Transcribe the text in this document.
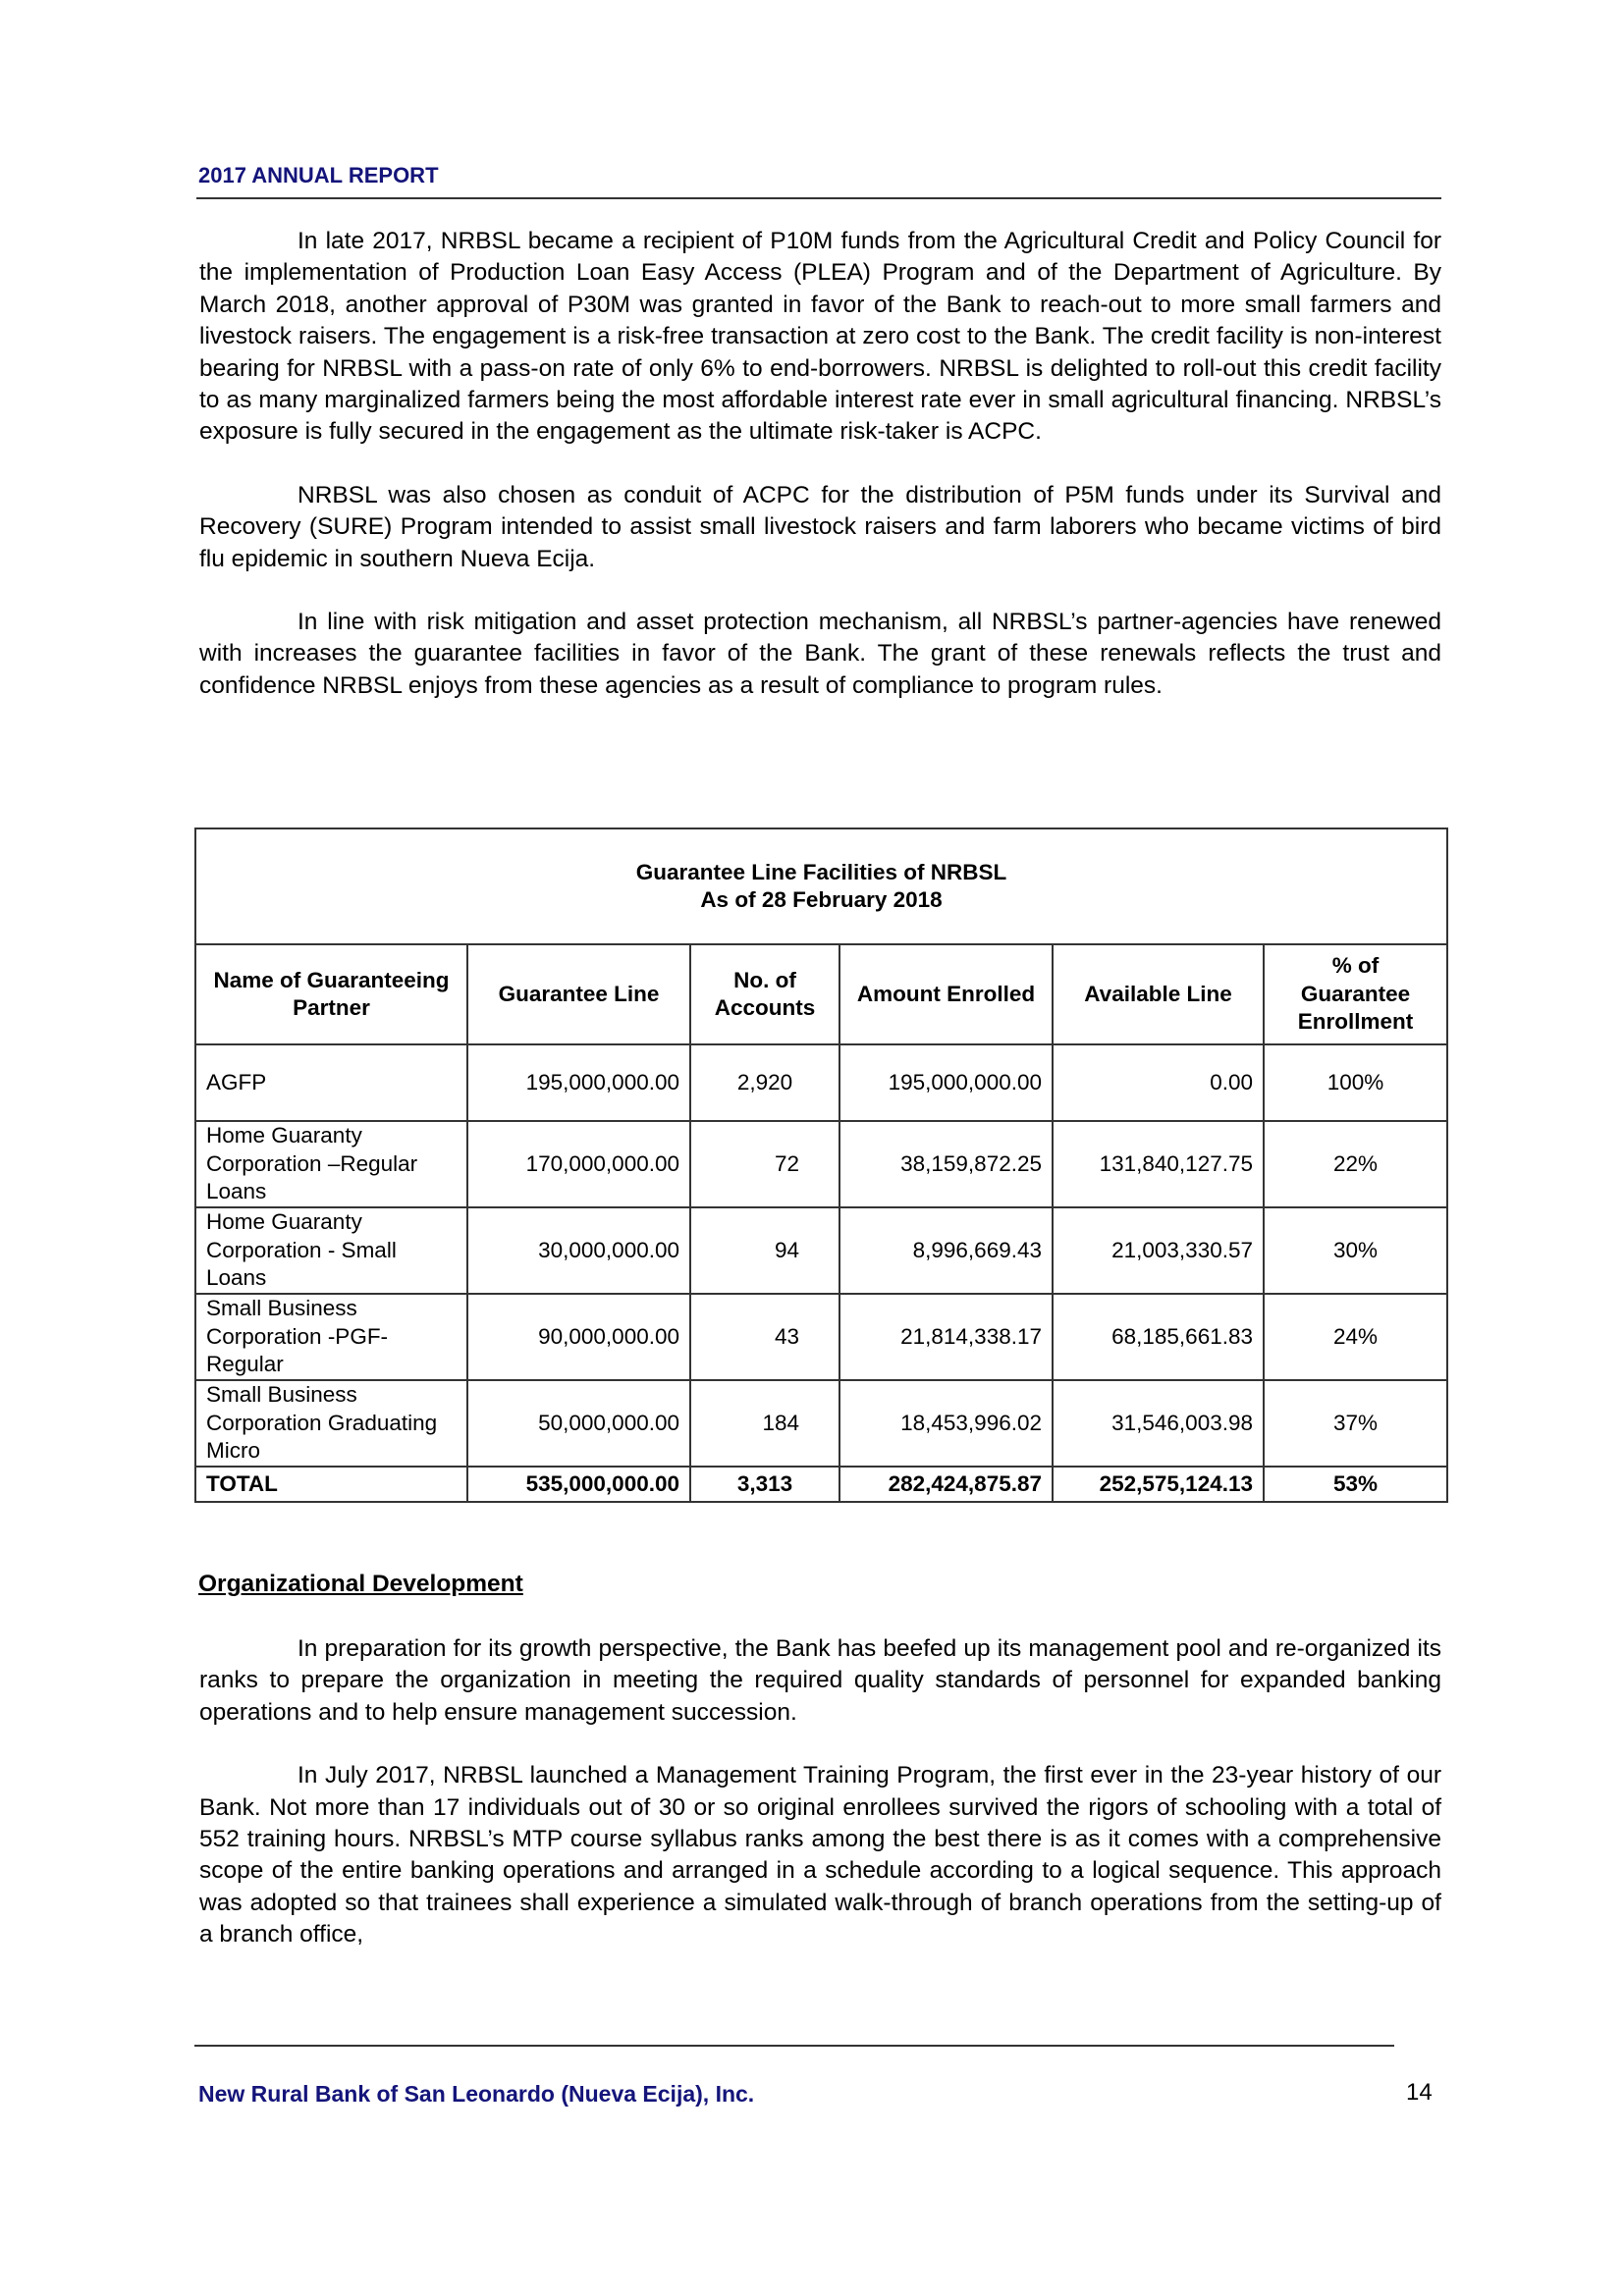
2017 ANNUAL REPORT

In late 2017, NRBSL became a recipient of P10M funds from the Agricultural Credit and Policy Council for the implementation of Production Loan Easy Access (PLEA) Program and of the Department of Agriculture. By March 2018, another approval of P30M was granted in favor of the Bank to reach-out to more small farmers and livestock raisers. The engagement is a risk-free transaction at zero cost to the Bank. The credit facility is non-interest bearing for NRBSL with a pass-on rate of only 6% to end-borrowers. NRBSL is delighted to roll-out this credit facility to as many marginalized farmers being the most affordable interest rate ever in small agricultural financing. NRBSL’s exposure is fully secured in the engagement as the ultimate risk-taker is ACPC.

NRBSL was also chosen as conduit of ACPC for the distribution of P5M funds under its Survival and Recovery (SURE) Program intended to assist small livestock raisers and farm laborers who became victims of bird flu epidemic in southern Nueva Ecija.

In line with risk mitigation and asset protection mechanism, all NRBSL’s partner-agencies have renewed with increases the guarantee facilities in favor of the Bank. The grant of these renewals reflects the trust and confidence NRBSL enjoys from these agencies as a result of compliance to program rules.

Guarantee Line Facilities of NRBSL
As of 28 February 2018					

Name of Guaranteeing Partner	Guarantee Line	No. of Accounts	Amount Enrolled	Available Line	% of Guarantee Enrollment
AGFP	195,000,000.00	2,920	195,000,000.00	0.00	100%
Home Guaranty Corporation –Regular Loans	170,000,000.00	72	38,159,872.25	131,840,127.75	22%
Home Guaranty Corporation - Small Loans	30,000,000.00	94	8,996,669.43	21,003,330.57	30%
Small Business Corporation -PGF-Regular	90,000,000.00	43	21,814,338.17	68,185,661.83	24%
Small Business Corporation Graduating Micro	50,000,000.00	184	18,453,996.02	31,546,003.98	37%
TOTAL	535,000,000.00	3,313	282,424,875.87	252,575,124.13	53%
Organizational Development

In preparation for its growth perspective, the Bank has beefed up its management pool and re-organized its ranks to prepare the organization in meeting the required quality standards of personnel for expanded banking operations and to help ensure management succession.

In July 2017, NRBSL launched a Management Training Program, the first ever in the 23-year history of our Bank. Not more than 17 individuals out of 30 or so original enrollees survived the rigors of schooling with a total of 552 training hours. NRBSL’s MTP course syllabus ranks among the best there is as it comes with a comprehensive scope of the entire banking operations and arranged in a schedule according to a logical sequence. This approach was adopted so that trainees shall experience a simulated walk-through of branch operations from the setting-up of a branch office,

New Rural Bank of San Leonardo (Nueva Ecija), Inc.	14
